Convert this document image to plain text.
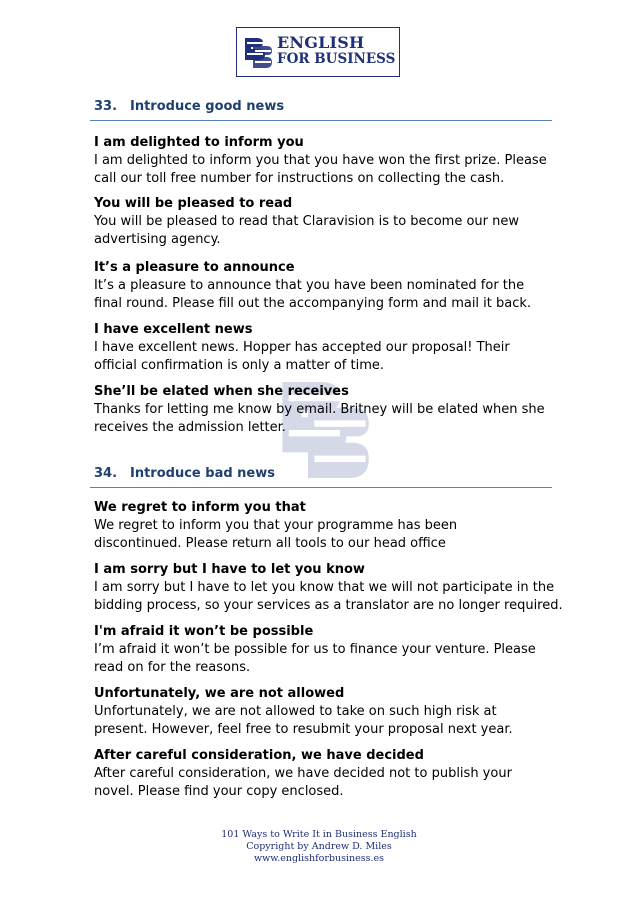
ENGLISH
FOR BUSINESS
33. Introduce good news
I am delighted to inform you
I am delighted to inform you that you have won the first prize. Please
call our toll free number for instructions on collecting the cash.
You will be pleased to read
You will be pleased to read that Claravision is to become our new
advertising agency.
It’s a pleasure to announce
It’s a pleasure to announce that you have been nominated for the
final round. Please fill out the accompanying form and mail it back.
I have excellent news
I have excellent news. Hopper has accepted our proposal! Their
official confirmation is only a matter of time.
She’ll be elated when she receives
Thanks for letting me know by email. Britney will be elated when she
receives the admission letter.
34. Introduce bad news
We regret to inform you that
We regret to inform you that your programme has been
discontinued. Please return all tools to our head office
I am sorry but I have to let you know
I am sorry but I have to let you know that we will not participate in the
bidding process, so your services as a translator are no longer required.
I'm afraid it won’t be possible
I’m afraid it won’t be possible for us to finance your venture. Please
read on for the reasons.
Unfortunately, we are not allowed
Unfortunately, we are not allowed to take on such high risk at
present. However, feel free to resubmit your proposal next year.
After careful consideration, we have decided
After careful consideration, we have decided not to publish your
novel. Please find your copy enclosed.
101 Ways to Write It in Business English
Copyright by Andrew D. Miles
www.englishforbusiness.es
